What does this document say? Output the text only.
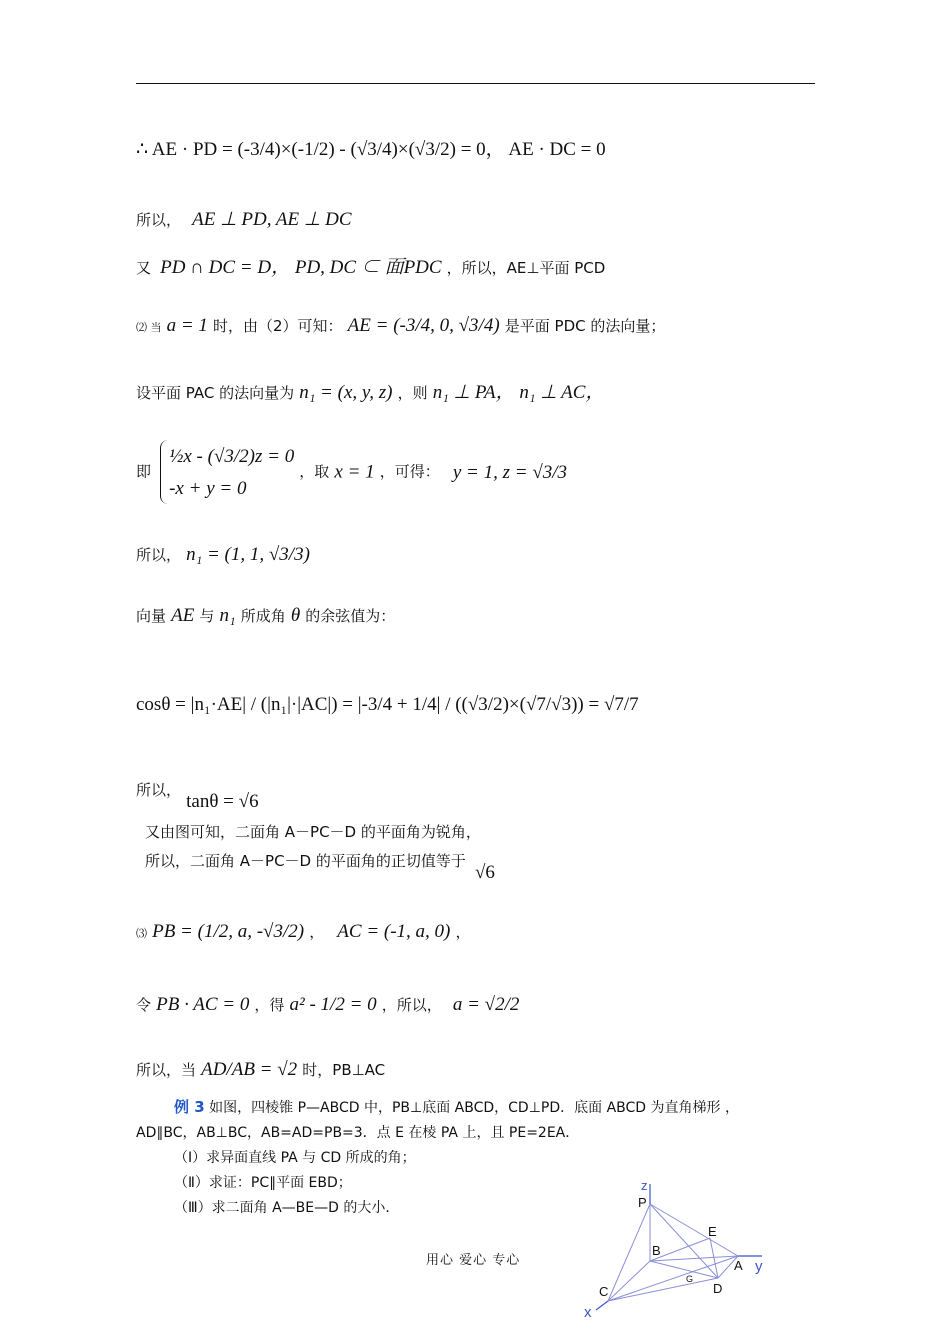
∴ AE · PD = (-3/4)×(-1/2) - (√3/4)×(√3/2) = 0， AE · DC = 0
所以， AE ⊥ PD, AE ⊥ DC
又 PD ∩ DC = D， PD, DC ⊂ 面PDC ，所以，AE⊥平面 PCD
⑵ 当 a = 1 时，由（2）可知： AE = (-3/4, 0, √3/4) 是平面 PDC 的法向量；
设平面 PAC 的法向量为 n₁ = (x, y, z) ，则 n₁ ⊥ PA， n₁ ⊥ AC，
即
½x - (√3/2)z = 0
-x + y = 0
，取 x = 1 ，可得： y = 1, z = √3/3
所以， n₁ = (1, 1, √3/3)
向量 AE 与 n₁ 所成角 θ 的余弦值为：
cosθ = |n₁·AE| / (|n₁|·|AC|) = |-3/4 + 1/4| / ((√3/2)×(√7/√3)) = √7/7
所以， tanθ = √6
又由图可知，二面角 A－PC－D 的平面角为锐角，
所以，二面角 A－PC－D 的平面角的正切值等于 √6
⑶ PB = (1/2, a, -√3/2) ， AC = (-1, a, 0) ，
令 PB · AC = 0 ，得 a² - 1/2 = 0 ，所以， a = √2/2
所以，当 AD/AB = √2 时，PB⊥AC
例 3 如图，四棱锥 P—ABCD 中，PB⊥底面 ABCD，CD⊥PD．底面 ABCD 为直角梯形 ，
AD∥BC，AB⊥BC，AB=AD=PB=3．点 E 在棱 PA 上，且 PE=2EA．
（Ⅰ）求异面直线 PA 与 CD 所成的角；
（Ⅱ）求证：PC∥平面 EBD；
（Ⅲ）求二面角 A—BE—D 的大小．
z
P
E
B
A y
G
C	D
x
用心 爱心 专心
